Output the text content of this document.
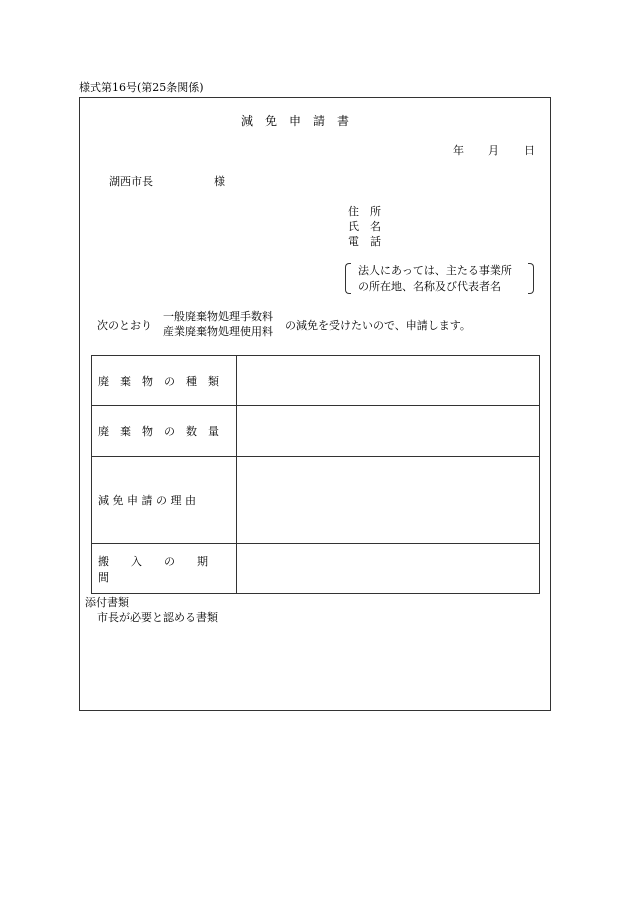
様式第16号(第25条関係)
減　免　申　請　書
年 月 日
湖西市長	様
住　所
氏　名
電　話
法人にあっては、主たる事業所
の所在地、名称及び代表者名
次のとおり
一般廃棄物処理手数料
産業廃棄物処理使用料 の減免を受けたいので、申請します。
廃　棄　物　の　種　類
廃　棄　物　の　数　量
減 免 申 請 の 理 由
搬　　入　　の　　期　　間
添付書類
市長が必要と認める書類
